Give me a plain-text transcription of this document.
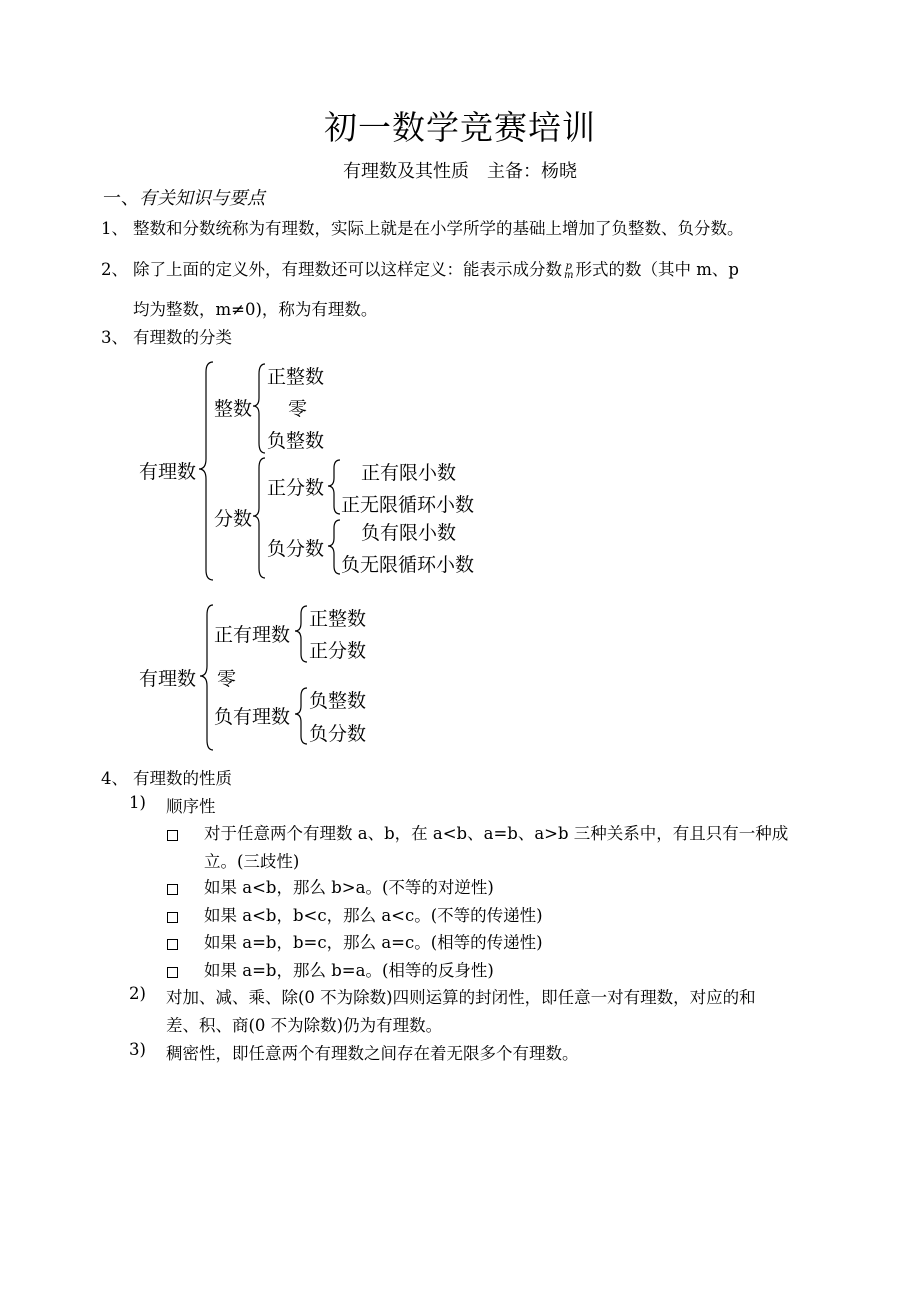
初一数学竞赛培训
有理数及其性质　主备：杨晓
一、有关知识与要点
1、 整数和分数统称为有理数，实际上就是在小学所学的基础上增加了负整数、负分数。
2、 除了上面的定义外，有理数还可以这样定义：能表示成分数 p
m 形式的数（其中 m、p
均为整数，m≠0)，称为有理数。
3、 有理数的分类
有理数
整数
正整数
零
负整数
分数
正分数
正有限小数
正无限循环小数
负分数
负有限小数
负无限循环小数
有理数
正有理数
正整数
正分数
零
负有理数
负整数
负分数
4、 有理数的性质
1) 顺序性
对于任意两个有理数 a、b，在 a<b、a=b、a>b 三种关系中，有且只有一种成
立。(三歧性)
如果 a<b，那么 b>a。(不等的对逆性)
如果 a<b，b<c，那么 a<c。(不等的传递性)
如果 a=b，b=c，那么 a=c。(相等的传递性)
如果 a=b，那么 b=a。(相等的反身性)
2) 对加、减、乘、除(0 不为除数)四则运算的封闭性，即任意一对有理数，对应的和
差、积、商(0 不为除数)仍为有理数。
3) 稠密性，即任意两个有理数之间存在着无限多个有理数。
